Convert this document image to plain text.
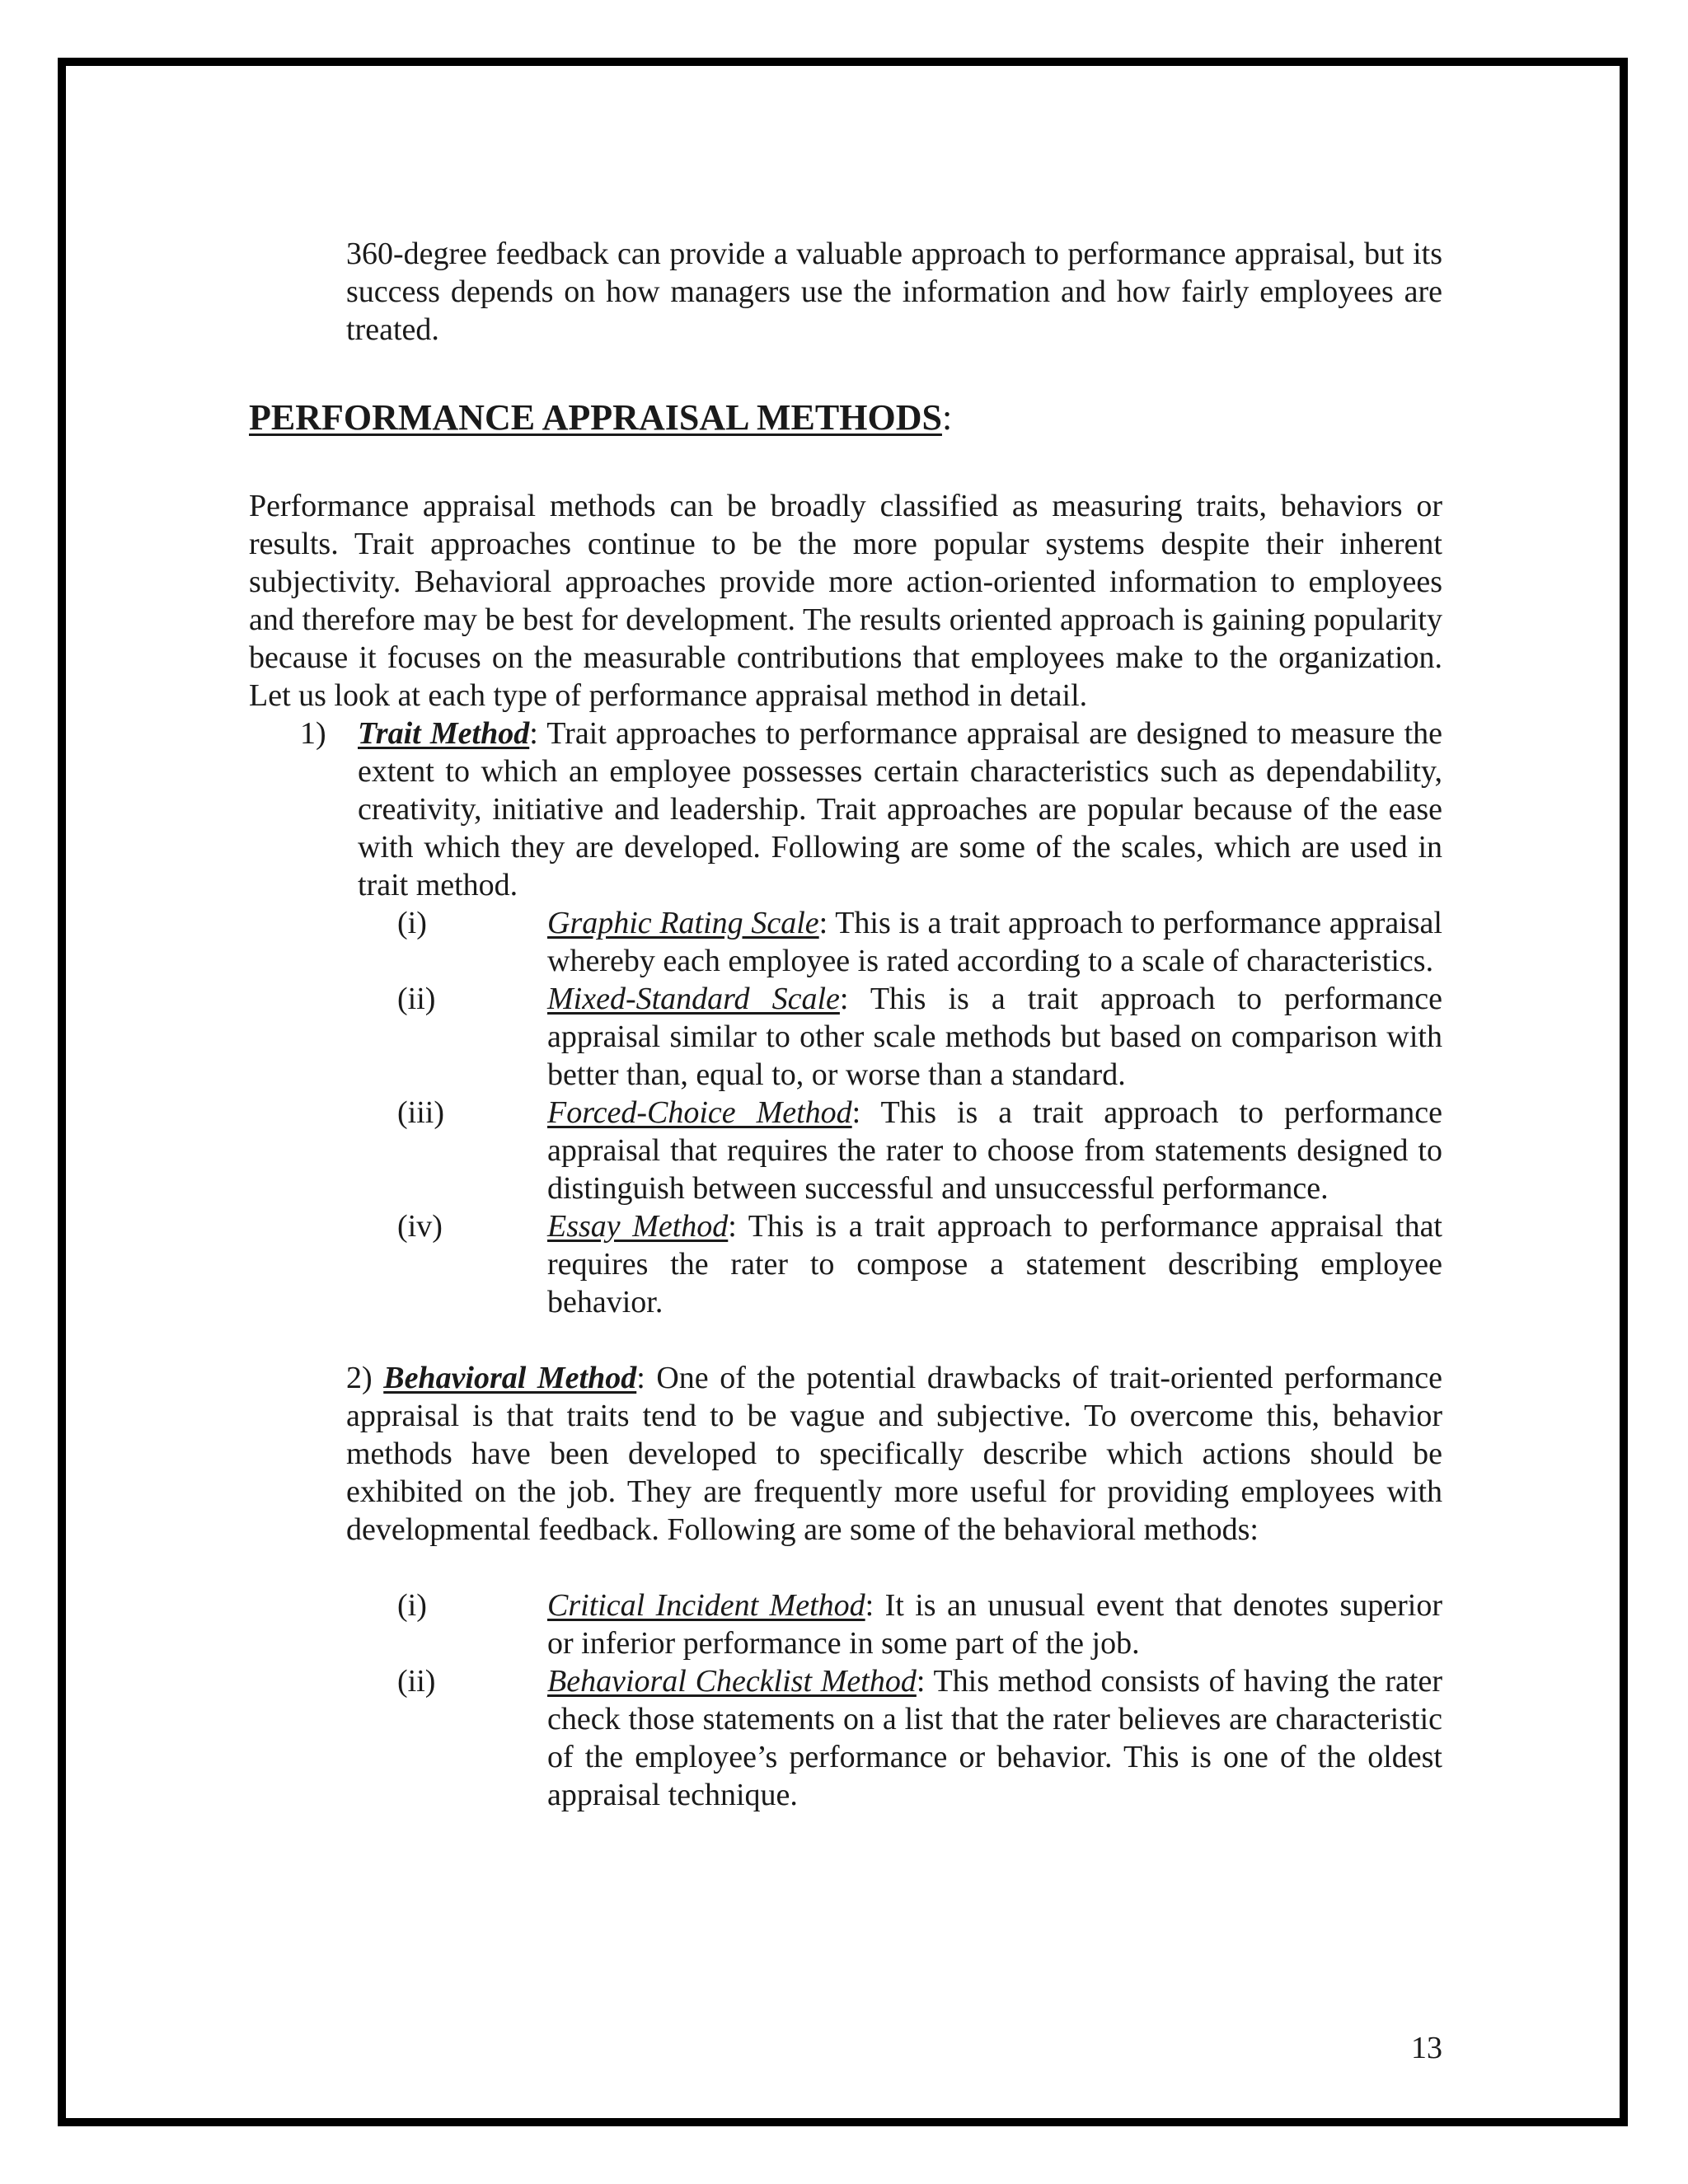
360-degree feedback can provide a valuable approach to performance appraisal, but its success depends on how managers use the information and how fairly employees are treated.

PERFORMANCE APPRAISAL METHODS:

Performance appraisal methods can be broadly classified as measuring traits, behaviors or results. Trait approaches continue to be the more popular systems despite their inherent subjectivity. Behavioral approaches provide more action-oriented information to employees and therefore may be best for development. The results oriented approach is gaining popularity because it focuses on the measurable contributions that employees make to the organization. Let us look at each type of performance appraisal method in detail.

1)	Trait Method: Trait approaches to performance appraisal are designed to measure the extent to which an employee possesses certain characteristics such as dependability, creativity, initiative and leadership. Trait approaches are popular because of the ease with which they are developed. Following are some of the scales, which are used in trait method.

(i)	Graphic Rating Scale: This is a trait approach to performance appraisal whereby each employee is rated according to a scale of characteristics.

(ii)	Mixed-Standard Scale: This is a trait approach to performance appraisal similar to other scale methods but based on comparison with better than, equal to, or worse than a standard.

(iii)	Forced-Choice Method: This is a trait approach to performance appraisal that requires the rater to choose from statements designed to distinguish between successful and unsuccessful performance.

(iv)	Essay Method: This is a trait approach to performance appraisal that requires the rater to compose a statement describing employee behavior.

2) Behavioral Method: One of the potential drawbacks of trait-oriented performance appraisal is that traits tend to be vague and subjective. To overcome this, behavior methods have been developed to specifically describe which actions should be exhibited on the job. They are frequently more useful for providing employees with developmental feedback. Following are some of the behavioral methods:

(i)	Critical Incident Method: It is an unusual event that denotes superior or inferior performance in some part of the job.

(ii)	Behavioral Checklist Method: This method consists of having the rater check those statements on a list that the rater believes are characteristic of the employee’s performance or behavior. This is one of the oldest appraisal technique.

13
